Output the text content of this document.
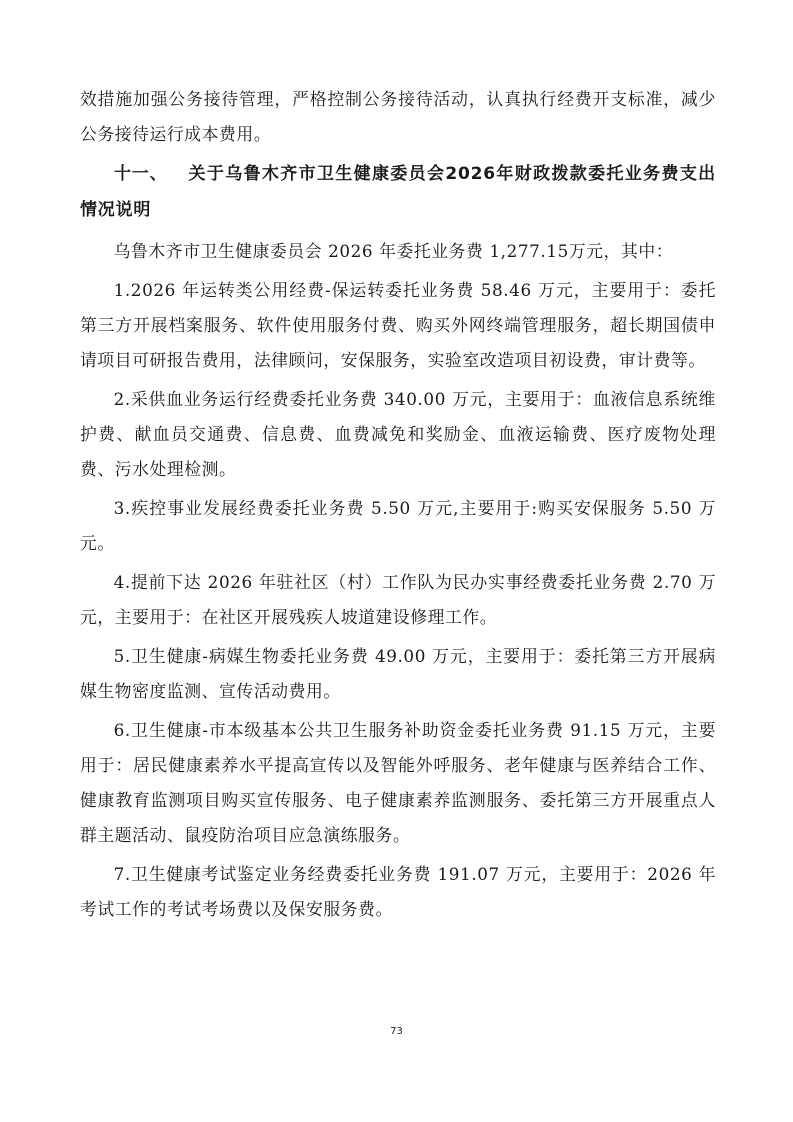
效措施加强公务接待管理，严格控制公务接待活动，认真执行经费开支标准，减少公务接待运行成本费用。

十一、 关于乌鲁木齐市卫生健康委员会2026年财政拨款委托业务费支出情况说明

乌鲁木齐市卫生健康委员会 2026 年委托业务费 1,277.15万元，其中：

1.2026 年运转类公用经费-保运转委托业务费 58.46 万元，主要用于：委托第三方开展档案服务、软件使用服务付费、购买外网终端管理服务，超长期国债申请项目可研报告费用，法律顾问，安保服务，实验室改造项目初设费，审计费等。

2.采供血业务运行经费委托业务费 340.00 万元，主要用于：血液信息系统维护费、献血员交通费、信息费、血费减免和奖励金、血液运输费、医疗废物处理费、污水处理检测。

3.疾控事业发展经费委托业务费 5.50 万元,主要用于:购买安保服务 5.50 万元。

4.提前下达 2026 年驻社区（村）工作队为民办实事经费委托业务费 2.70 万元，主要用于：在社区开展残疾人坡道建设修理工作。

5.卫生健康-病媒生物委托业务费 49.00 万元，主要用于：委托第三方开展病媒生物密度监测、宣传活动费用。

6.卫生健康-市本级基本公共卫生服务补助资金委托业务费 91.15 万元，主要用于：居民健康素养水平提高宣传以及智能外呼服务、老年健康与医养结合工作、健康教育监测项目购买宣传服务、电子健康素养监测服务、委托第三方开展重点人群主题活动、鼠疫防治项目应急演练服务。

7.卫生健康考试鉴定业务经费委托业务费 191.07 万元，主要用于：2026 年考试工作的考试考场费以及保安服务费。

73
